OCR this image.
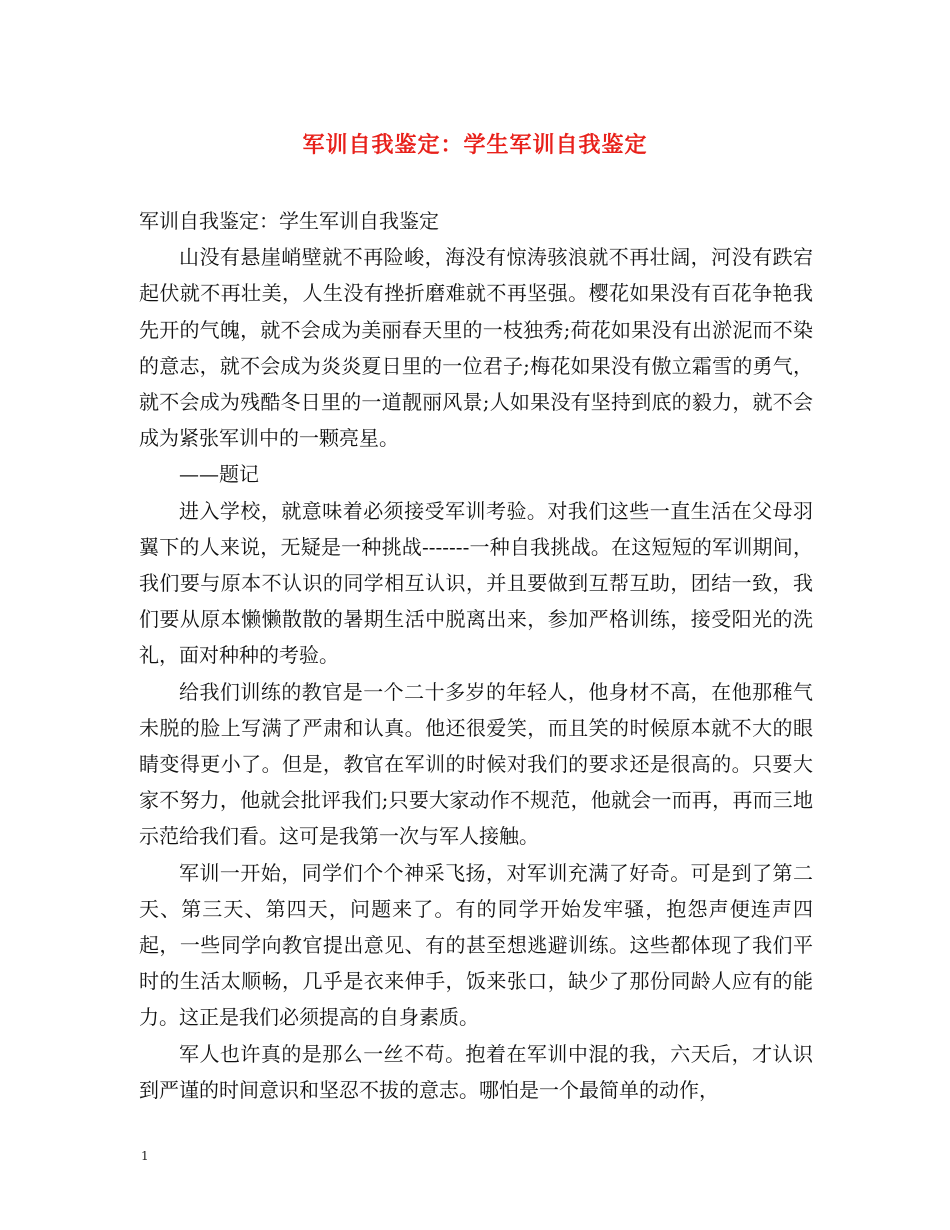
军训自我鉴定：学生军训自我鉴定

军训自我鉴定：学生军训自我鉴定

山没有悬崖峭壁就不再险峻，海没有惊涛骇浪就不再壮阔，河没有跌宕起伏就不再壮美，人生没有挫折磨难就不再坚强。樱花如果没有百花争艳我先开的气魄，就不会成为美丽春天里的一枝独秀;荷花如果没有出淤泥而不染的意志，就不会成为炎炎夏日里的一位君子;梅花如果没有傲立霜雪的勇气，就不会成为残酷冬日里的一道靓丽风景;人如果没有坚持到底的毅力，就不会成为紧张军训中的一颗亮星。

——题记

进入学校，就意味着必须接受军训考验。对我们这些一直生活在父母羽翼下的人来说，无疑是一种挑战-------一种自我挑战。在这短短的军训期间，我们要与原本不认识的同学相互认识，并且要做到互帮互助，团结一致，我们要从原本懒懒散散的暑期生活中脱离出来，参加严格训练，接受阳光的洗礼，面对种种的考验。

给我们训练的教官是一个二十多岁的年轻人，他身材不高，在他那稚气未脱的脸上写满了严肃和认真。他还很爱笑，而且笑的时候原本就不大的眼睛变得更小了。但是，教官在军训的时候对我们的要求还是很高的。只要大家不努力，他就会批评我们;只要大家动作不规范，他就会一而再，再而三地示范给我们看。这可是我第一次与军人接触。

军训一开始，同学们个个神采飞扬，对军训充满了好奇。可是到了第二天、第三天、第四天，问题来了。有的同学开始发牢骚，抱怨声便连声四起，一些同学向教官提出意见、有的甚至想逃避训练。这些都体现了我们平时的生活太顺畅，几乎是衣来伸手，饭来张口，缺少了那份同龄人应有的能力。这正是我们必须提高的自身素质。

军人也许真的是那么一丝不苟。抱着在军训中混的我，六天后，才认识到严谨的时间意识和坚忍不拔的意志。哪怕是一个最简单的动作，

1
